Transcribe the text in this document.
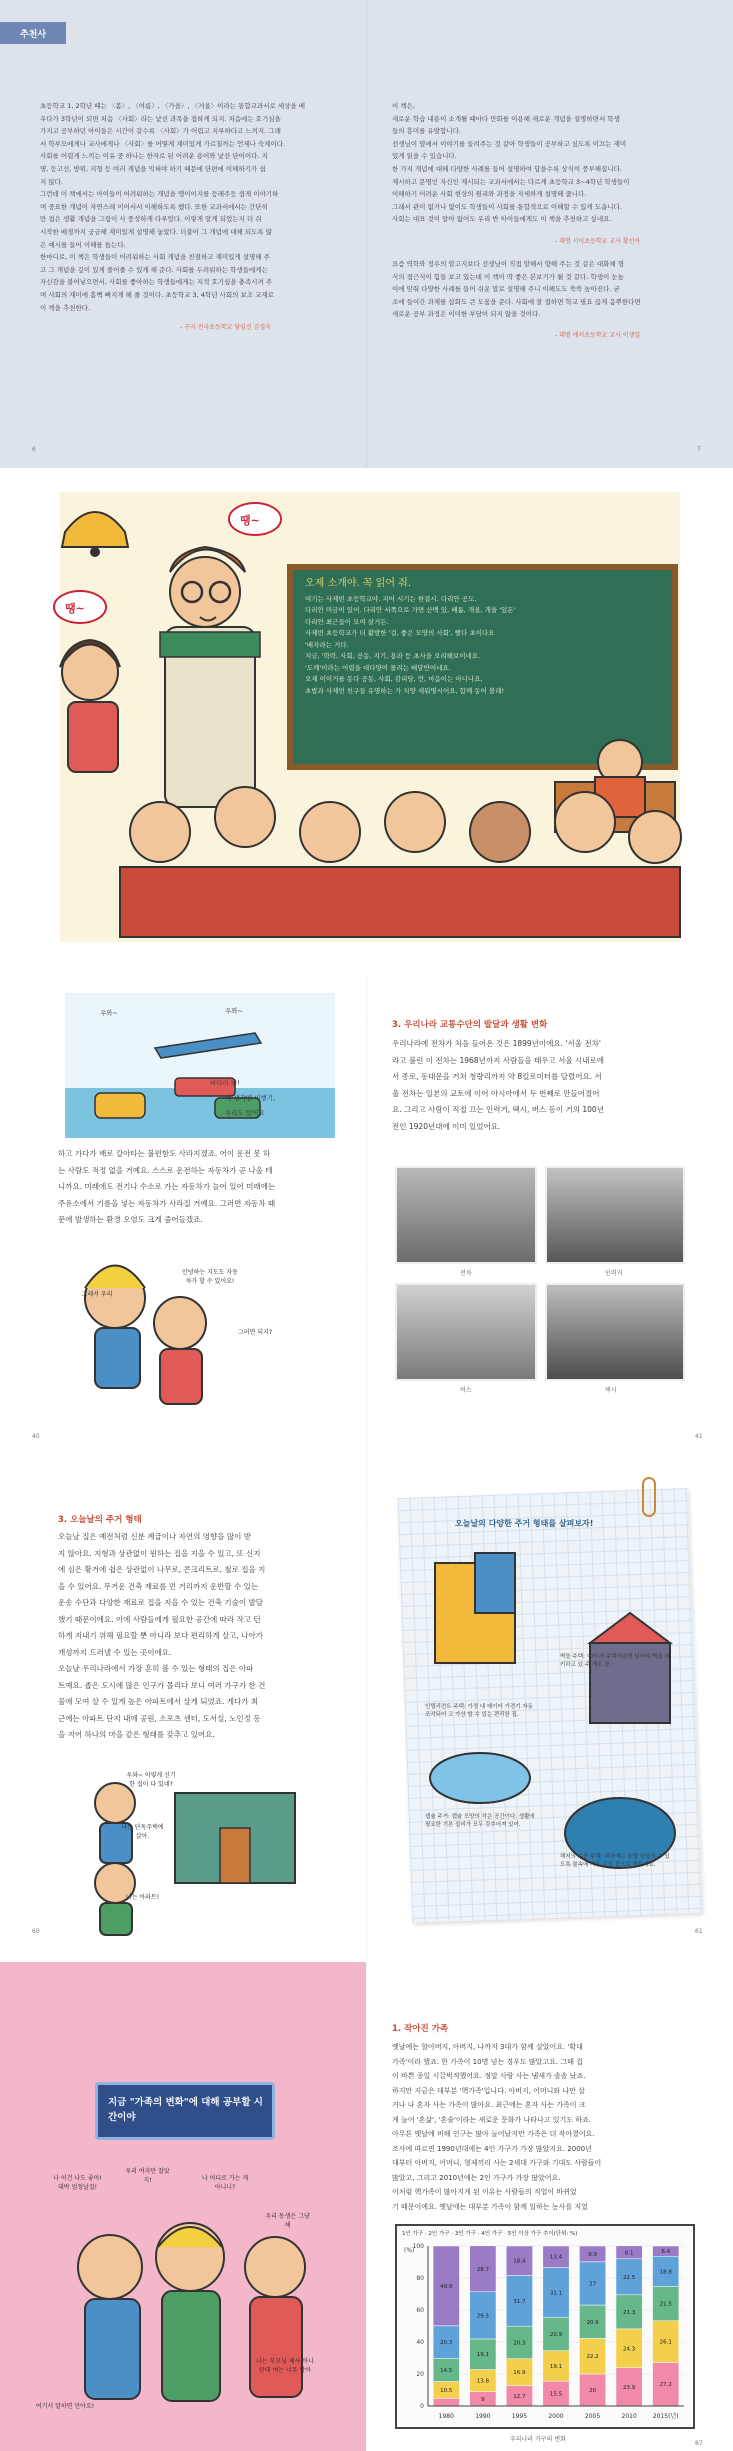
추천사
초등학교 1, 2학년 때는 〈봄〉, 〈여름〉, 〈가을〉, 〈겨울〉이라는 통합교과서로 세상을 배
우다가 3학년이 되면 처음 〈사회〉라는 낯선 과목을 접하게 되지. 처음에는 호기심을
가지고 공부하던 아이들은 시간이 갈수록 〈사회〉가 어렵고 지루하다고 느끼지. 그래
서 학부모에게나 교사에게나 〈사회〉를 어떻게 재미있게 가르칠까는 언제나 숙제이다.
사회를 어렵게 느끼는 이유 중 하나는 한자로 된 어려운 용어와 낯선 단어이다. 지
명, 등고선, 방위, 지형 등 여러 개념을 익혀야 하기 때문에 단편에 이해하기가 쉽
지 않다.
그런데 이 책에서는 아이들이 어려워하는 개념을 맹이이지를 등래주듯 쉽게 이야기하
며 중요한 개념이 자연스레 이어서서 이해하도록 했다. 또한 교과서에서는 간단히
만 접은 생활 개념을 그림이 사 풍성하게 다루었다. 이렇게 알게 되었는지 더 쉬
시작한 배경까지 궁금해 재미있게 설명해 놓았다. 더불어 그 개념에 대해 되도록 많
은 예시를 들어 이해를 돕는다.
한마디로, 이 책은 학생들이 어려워하는 사회 개념을 친절하고 재미있게 설명해 주
고 그 개념을 깊이 있게 풀어줄 수 있게 해 준다. 사회를 두려워하는 학생들에게는
자신감을 불어넣으면서, 사회를 좋아하는 학생들에게는 지적 호기심을 충족시켜 주
며 사회의 재미에 흠뻑 빠지게 해 줄 것이다. 초등학교 3, 4학년 사회의 보조 교재로
이 책을 추천한다.
- 구자 전국초등학교 담임선 김경숙
이 책은,
새로운 학습 내용이 소개될 때마다 만화를 이용해 새로운 개념을 설명하면서 학생
들의 흥미를 유발합니다.
선생님이 옆에서 이야기를 들려주는 것 같아 학생들이 공부하고 싶도록 이끄는 재미
있게 읽을 수 있습니다.
한 가지 개념에 대해 다양한 사례를 들어 설명하여 답을수록 상식이 풍부해집니다.
제시하고 문명인 자신인 제시되는 교과서에서는 다르게 초등학교 3~4학년 학생들이
이해하기 어려운 사회 현상의 원리와 과정을 자세하게 설명해 줍니다.
그래서 관이 없거나 없이도 학생들이 사회를 통합적으로 이해할 수 있게 도옵니다.
사회는 대표 것이 알아 없어도 우리 반 아이들에게도 이 책을 추천하고 싶네요.
- 대명 서이초등학교 교사 황선아
요즘 역학와 정우의 암고지보다 선생님이 직접 말해서 향해 주는 것 같은 대화체 형
식의 접근식이 힘들 보고 있는데 이 책이 딱 좋은 본보기가 될 것 같다. 학생이 눈높
이에 맞춰 다양한 사례를 들어 쉬운 말로 설명해 주니 이해도도 쑥쑥 높아진다. 굳
조에 들어간 과제를 삽화도 큰 도움을 준다. 사회에 잘 접하면 학교 필요 끊게 음뿌한다면
새로운 공부 과정은 이미한 부담이 되지 않을 것이다.
- 대명 에서초등학교 교사 이생일
6	7
땡~
땡~
오제 소개야. 꼭 읽어 줘.
여기는 사제빈 초등학교야. 지어 시기는 한결시. 다리안 공도,
다리안 미금이 있어. 다리안 서쪽으로 가면 산맥 있, 배툼, 개울, 개울 '있돈'
다리안 최근들이 모여 살거든.
사제빈 초등학교가 더 활발한 '걸, 좋은 모양의 사회', 빨다 초이다요
'배자라는 거다.
지금, '학력, 사회, 공동, 지기, 용과 등 초사을 오리해보이네요.
'도깨'이라는 어렵을 대다양이 몰려는 배달반어네요.
오제 이이거를 동다 공동, 사회, 감피당, 언, 마음이는 아니나요,
초밥과 사제빈 친구들 유명하는 가 치양 세워명시어요, 함께 동어 볼래!
우와~	우와~
바다라 봐!
내 생각엔 비행기,
우리도 탔어요
하고 가다가 배로 갈아타는 불편함도 사라지겠죠. 어이 운전 못 하
는 사람도 적정 없을 거예요. 스스로 운전하는 자동차가 곧 나올 테
니까요. 미래에도 전기나 수소로 가는 자동차가 늘어 있어 미래에는
주유소에서 기름을 넣는 자동차가 사라질 거예요. 그러면 자동차 때
문에 발생하는 환경 오염도 크게 줄어들겠죠.
그래서 우리
안녕하는 지도도 자동차가 할 수 있어요!
그러면 되지?
3. 우리나라 교통수단의 발달과 생활 변화
우리나라에 전차가 처음 들어온 것은 1899년이에요. '서울 전차'
라고 불린 이 전차는 1968년까지 사람들을 태우고 서울 시내로에
서 종로, 동대문을 거쳐 청량리까지 약 8킬로미터를 달렸어요. 서
울 전차는 일본의 교토에 이어 아시아에서 두 번째로 만들어졌어
요. 그리고 사람이 직접 끄는 인력거, 택시, 버스 등이 거의 100년
전인 1920년대에 이미 있었어요.
전차	인력거
버스	택시
40	41
3. 오늘날의 주거 형태
오늘날 집은 예전처럼 신분 계급이나 자연의 영향을 많이 받
지 않아요. 지형과 상관없이 원하는 집을 지을 수 있고, 또 신지
에 심은 황거에 쉽은 상관없이 나무로, 콘크리트로, 철로 집을 지
을 수 있어요. 무거운 건축 재료를 먼 거리까지 운반할 수 있는
운송 수단과 다양한 재료로 집을 지을 수 있는 건축 기술이 발달
했기 때문이에요. 이에 사람들에게 필요한 공간에 따라 작고 턴
하게 지내기 위해 필요할 뿐 아니라 보다 편리하게 살고, 나아가
개성까지 드러낼 수 있는 곳이에요.
오늘날 우리나라에서 가장 흔히 볼 수 있는 형태의 집은 아파
트예요. 좁은 도시에 많은 인구가 몰리다 보니 여러 가구가 한 건
물에 모여 살 수 있게 높은 아파트에서 살게 되었죠. 게다가 최
근에는 아파트 단지 내에 공원, 소포츠 센터, 도서실, 노인정 등
을 지어 하나의 마을 같은 형태를 갖추고 있어요.
우와~ 이렇게 신기한 집이 다 있네?
나는 단독주택에 살아.
나는 아파트!
오늘날의 다양한 주거 형태를 살펴보자!
벽돌 주택: 여러 라 주택이라면 넘어야 벽을 지키하고 있 주 게도 장.
인텔리전트 주택: 가정 내 데이터 가전기 자동 조작되어 고 가상 할 수 있는 편리한 집.
캡슐 주거: 캡슐 모양의 작은 공간이다. 생활에 필요한 기본 설비가 모두 갖추어져 있어.
해저의 수중 주택: 지하에는 호텔 이상의 수 있도록 물속에 지을 수중 집으로 해보세요.
60	61
지금 "가족의 변화"에 대해 공부할 시간이야
나 이건 나도 좋아! 대박 엄청날걸!
우리 여자만 잘았지!	나 어디로 가는 게 아니니?
우리 동생은 그냥 해
나는 부모님 제사 아니란데 여는 너무 달아
여기서 말하면 안아요!
1. 작아진 가족
옛날에는 할아버지, 아버지, 나까지 3대가 함께 살았어요. '확대
가족'이라 했죠. 한 가족이 10명 넘는 경우도 많았고요. 그때 집
이 바쁜 종일 시끌벅적했어요. 정말 사람 사는 냄새가 솔솔 났죠.
하지만 지금은 대부분 '핵가족'입니다. 아버지, 어머니와 나만 살
거나 나 혼자 사는 가족이 많아요. 최근에는 혼자 사는 가족이 크
게 늘어 '혼삶', '혼술'이라는 새로운 문화가 나타나고 있기도 하죠.
아무튼 옛날에 비해 인구는 많아 늘어났지만 가족은 더 작아졌어요.
조사에 따르면 1990년대에는 4인 가구가 가장 많았지요. 2000년
대부터 아버지, 어머니, 형제끼리 사는 2세대 가구와 기대도 사람들이
많았고, 그리고 2010년에는 2인 가구가 가장 많았어요.
이처럼 핵가족이 많아지게 된 이유는 사람들의 직업이 바뀌었
기 때문이에요. 옛날에는 대부분 가족이 함께 일하는 농사를 지었
1인 가구 · 2인 가구 · 3인 가구 · 4인 가구 · 5인 이상 가구 추이(단위: %)
0
20
40
60
80
100
(%)
10.5
14.5
20.3
49.9
1980
9
13.8
19.1
29.5
28.7
1990
12.7
16.9
20.3
31.7
18.4
1995
15.5
19.1
20.9
31.1
13.4
2000
20
22.2
20.9
27
9.9
2005
23.9
24.3
21.3
22.5
8.1
2010
27.2
26.1
21.5
18.8
6.4
2015(년)
우리나라 가구의 변화
87
